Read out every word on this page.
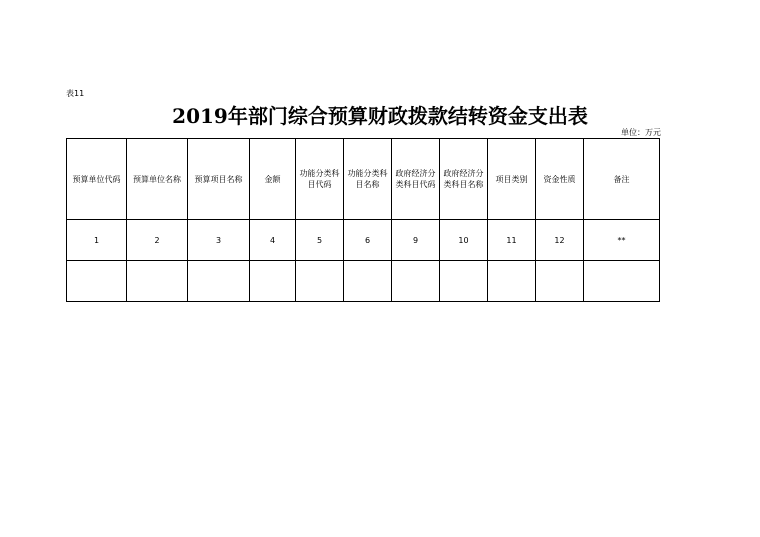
表11
2019年部门综合预算财政拨款结转资金支出表
单位：万元
预算单位代码	预算单位名称	预算项目名称	金额	功能分类科目代码	功能分类科目名称	政府经济分类科目代码	政府经济分类科目名称	项目类别	资金性质	备注
1	2	3	4	5	6	9	10	11	12	**
